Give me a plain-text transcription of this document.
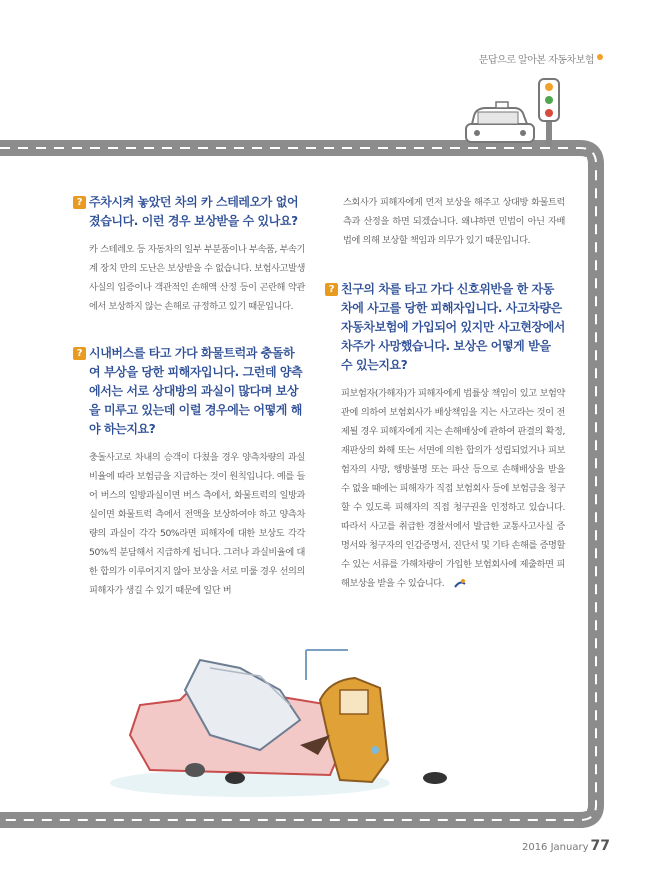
문답으로 알아본 자동차보험

? 주차시켜 놓았던 차의 카 스테레오가 없어졌습니다. 이런 경우 보상받을 수 있나요?

카 스테레오 등 자동차의 일부 부분품이나 부속품, 부속기계 장치 만의 도난은 보상받을 수 없습니다. 보험사고발생사실의 입증이나 객관적인 손해액 산정 등이 곤란해 약관에서 보상하지 않는 손해로 규정하고 있기 때문입니다.

? 시내버스를 타고 가다 화물트럭과 충돌하여 부상을 당한 피해자입니다. 그런데 양측에서는 서로 상대방의 과실이 많다며 보상을 미루고 있는데 이럴 경우에는 어떻게 해야 하는지요?

충돌사고로 차내의 승객이 다쳤을 경우 양측차량의 과실비율에 따라 보험금을 지급하는 것이 원칙입니다. 예를 들어 버스의 일방과실이면 버스 측에서, 화물트럭의 일방과실이면 화물트럭 측에서 전액을 보상하여야 하고 양측차량의 과실이 각각 50%라면 피해자에 대한 보상도 각각 50%씩 분담해서 지급하게 됩니다. 그러나 과실비율에 대한 합의가 이루어지지 않아 보상을 서로 미룰 경우 선의의 피해자가 생길 수 있기 때문에 일단 버

스회사가 피해자에게 먼저 보상을 해주고 상대방 화물트럭 측과 산정을 하면 되겠습니다. 왜냐하면 민법이 아닌 자배법에 의해 보상할 책임과 의무가 있기 때문입니다.

? 친구의 차를 타고 가다 신호위반을 한 자동차에 사고를 당한 피해자입니다. 사고차량은 자동차보험에 가입되어 있지만 사고현장에서 차주가 사망했습니다. 보상은 어떻게 받을 수 있는지요?

피보험자(가해자)가 피해자에게 법률상 책임이 있고 보험약관에 의하여 보험회사가 배상책임을 지는 사고라는 것이 전제될 경우 피해자에게 지는 손해배상에 관하여 판결의 확정, 재판상의 화해 또는 서면에 의한 합의가 성립되었거나 피보험자의 사망, 행방불명 또는 파산 등으로 손해배상을 받을 수 없을 때에는 피해자가 직접 보험회사 등에 보험금을 청구할 수 있도록 피해자의 직접 청구권을 인정하고 있습니다. 따라서 사고를 취급한 경찰서에서 발급한 교통사고사실 증명서와 청구자의 인감증명서, 진단서 및 기타 손해를 증명할 수 있는 서류를 가해차량이 가입한 보험회사에 제출하면 피해보상을 받을 수 있습니다.

2016 January 77
